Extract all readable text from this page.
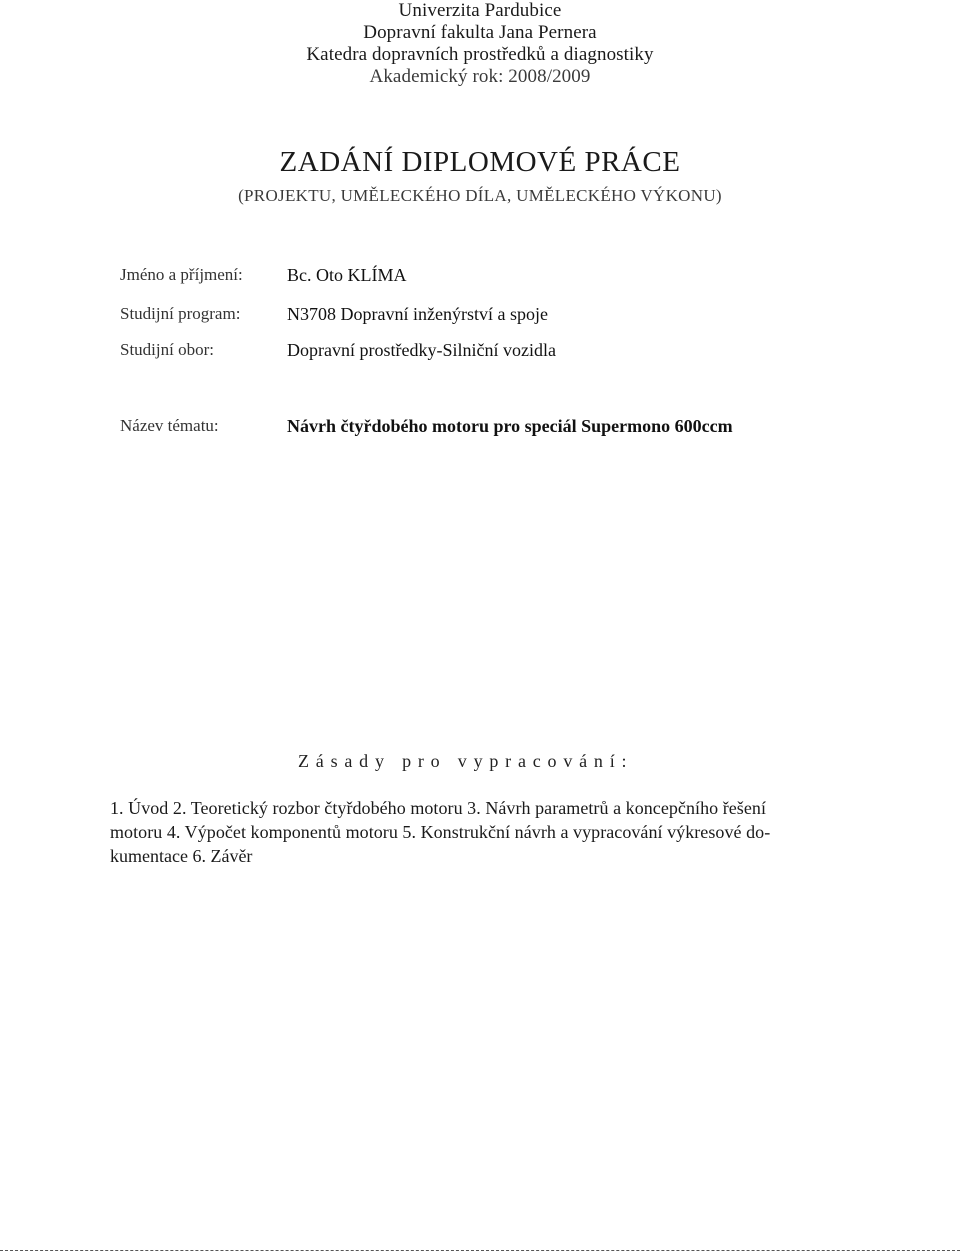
Univerzita Pardubice
Dopravní fakulta Jana Pernera
Katedra dopravních prostředků a diagnostiky
Akademický rok: 2008/2009
ZADÁNÍ DIPLOMOVÉ PRÁCE
(PROJEKTU, UMĚLECKÉHO DÍLA, UMĚLECKÉHO VÝKONU)
Jméno a příjmení: Bc. Oto KLÍMA
Studijní program:	N3708 Dopravní inženýrství a spoje
Studijní obor:	Dopravní prostředky-Silniční vozidla
Název tématu:	Návrh čtyřdobého motoru pro speciál Supermono 600ccm
Zásady pro vypracování:
1. Úvod 2. Teoretický rozbor čtyřdobého motoru 3. Návrh parametrů a koncepčního řešení
motoru 4. Výpočet komponentů motoru 5. Konstrukční návrh a vypracování výkresové do-
kumentace 6. Závěr
